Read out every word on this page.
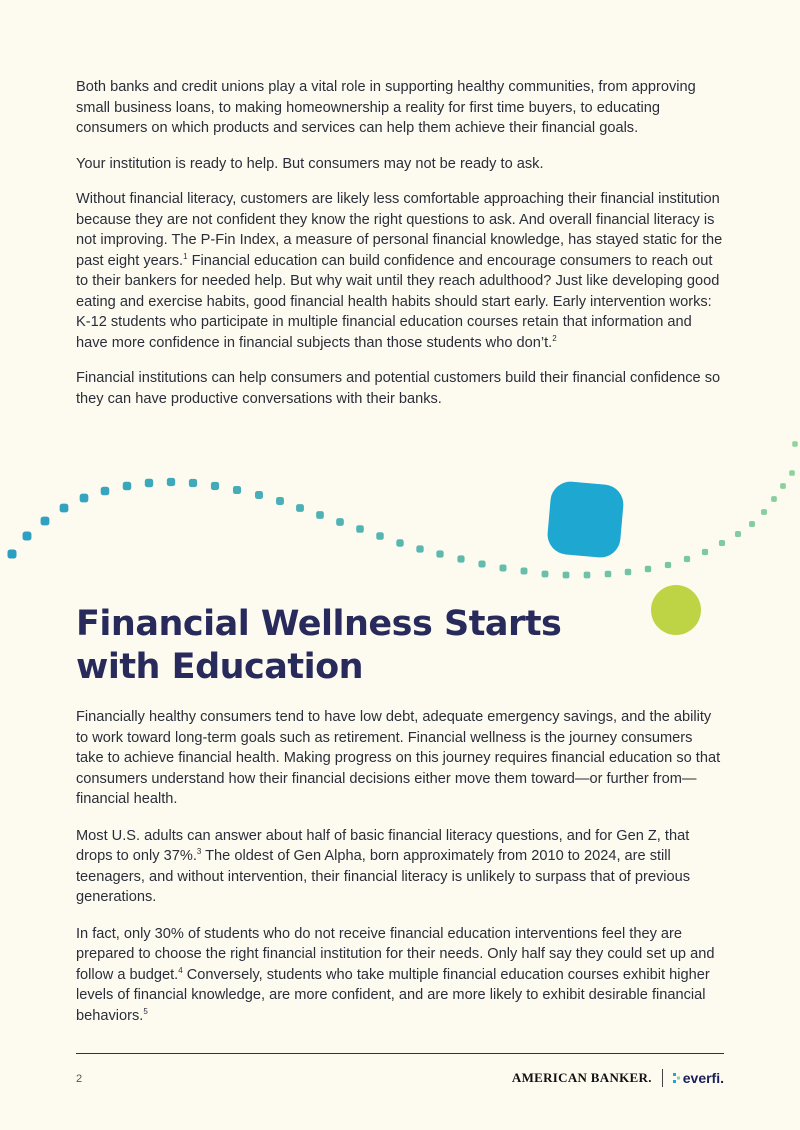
Both banks and credit unions play a vital role in supporting healthy communities, from approving small business loans, to making homeownership a reality for first time buyers, to educating consumers on which products and services can help them achieve their financial goals.

Your institution is ready to help. But consumers may not be ready to ask.

Without financial literacy, customers are likely less comfortable approaching their financial institution because they are not confident they know the right questions to ask. And overall financial literacy is not improving. The P-Fin Index, a measure of personal financial knowledge, has stayed static for the past eight years.$^1$ Financial education can build confidence and encourage consumers to reach out to their bankers for needed help. But why wait until they reach adulthood? Just like developing good eating and exercise habits, good financial health habits should start early. Early intervention works: K-12 students who participate in multiple financial education courses retain that information and have more confidence in financial subjects than those students who don’t.$^2$

Financial institutions can help consumers and potential customers build their financial confidence so they can have productive conversations with their banks.

Financial Wellness Starts with Education

Financially healthy consumers tend to have low debt, adequate emergency savings, and the ability to work toward long-term goals such as retirement. Financial wellness is the journey consumers take to achieve financial health. Making progress on this journey requires financial education so that consumers understand how their financial decisions either move them toward—or further from—financial health.

Most U.S. adults can answer about half of basic financial literacy questions, and for Gen Z, that drops to only 37%.$^3$ The oldest of Gen Alpha, born approximately from 2010 to 2024, are still teenagers, and without intervention, their financial literacy is unlikely to surpass that of previous generations.

In fact, only 30% of students who do not receive financial education interventions feel they are prepared to choose the right financial institution for their needs. Only half say they could set up and follow a budget.$^4$ Conversely, students who take multiple financial education courses exhibit higher levels of financial knowledge, are more confident, and are more likely to exhibit desirable financial behaviors.$^5$

2	AMERICAN BANKER. everfi.
